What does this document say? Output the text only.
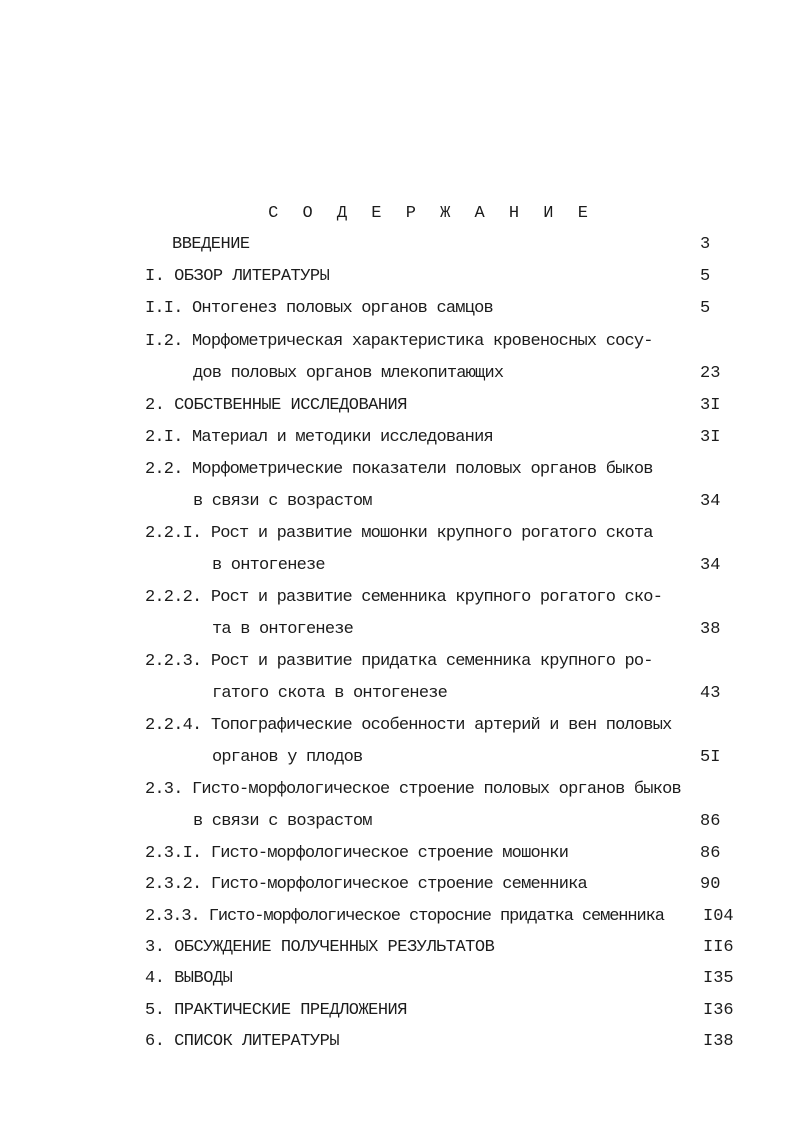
С О Д Е Р Ж А Н И Е
ВВЕДЕНИЕ	3
I. ОБЗОР ЛИТЕРАТУРЫ	5
I.I. Онтогенез половых органов самцов	5
I.2. Морфометрическая характеристика кровеносных сосу-
дов половых органов млекопитающих	23
2. СОБСТВЕННЫЕ ИССЛЕДОВАНИЯ	3I
2.I. Материал и методики исследования	3I
2.2. Морфометрические показатели половых органов быков
в связи с возрастом	34
2.2.I. Рост и развитие мошонки крупного рогатого скота
в онтогенезе	34
2.2.2. Рост и развитие семенника крупного рогатого ско-
та в онтогенезе	38
2.2.3. Рост и развитие придатка семенника крупного ро-
гатого скота в онтогенезе	43
2.2.4. Топографические особенности артерий и вен половых
органов у плодов	5I
2.3. Гисто-морфологическое строение половых органов быков
в связи с возрастом	86
2.3.I. Гисто-морфологическое строение мошонки	86
2.3.2. Гисто-морфологическое строение семенника	90
2.3.3. Гисто-морфологическое сторосние придатка семенника I04
3. ОБСУЖДЕНИЕ ПОЛУЧЕННЫХ РЕЗУЛЬТАТОВ	II6
4. ВЫВОДЫ	I35
5. ПРАКТИЧЕСКИЕ ПРЕДЛОЖЕНИЯ	I36
6. СПИСОК ЛИТЕРАТУРЫ	I38
